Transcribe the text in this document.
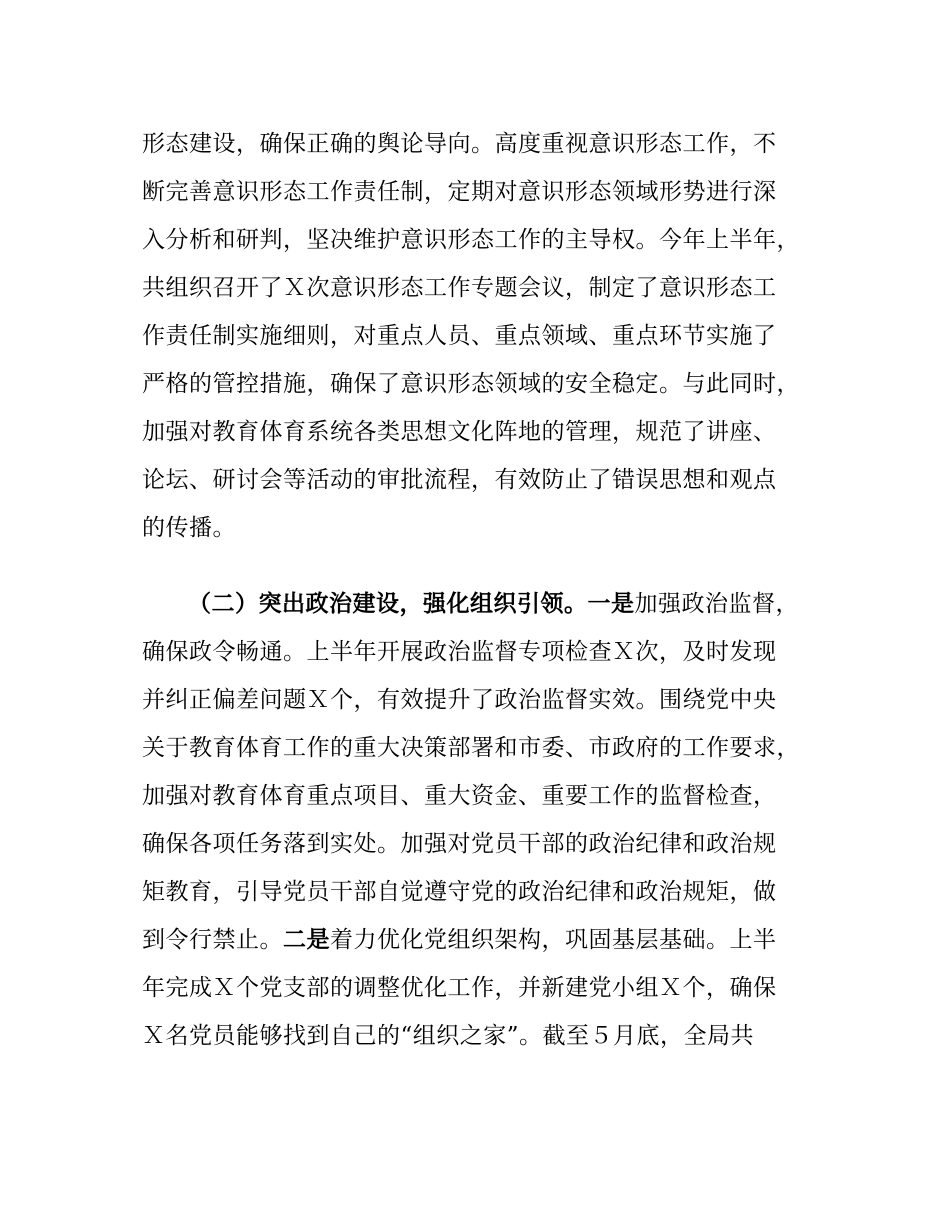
形态建设，确保正确的舆论导向。高度重视意识形态工作，不
断完善意识形态工作责任制，定期对意识形态领域形势进行深
入分析和研判，坚决维护意识形态工作的主导权。今年上半年，
共组织召开了Ｘ次意识形态工作专题会议，制定了意识形态工
作责任制实施细则，对重点人员、重点领域、重点环节实施了
严格的管控措施，确保了意识形态领域的安全稳定。与此同时，
加强对教育体育系统各类思想文化阵地的管理，规范了讲座、
论坛、研讨会等活动的审批流程，有效防止了错误思想和观点
的传播。
（二）突出政治建设，强化组织引领。一是加强政治监督，
确保政令畅通。上半年开展政治监督专项检查Ｘ次，及时发现
并纠正偏差问题Ｘ个，有效提升了政治监督实效。围绕党中央
关于教育体育工作的重大决策部署和市委、市政府的工作要求，
加强对教育体育重点项目、重大资金、重要工作的监督检查，
确保各项任务落到实处。加强对党员干部的政治纪律和政治规
矩教育，引导党员干部自觉遵守党的政治纪律和政治规矩，做
到令行禁止。二是着力优化党组织架构，巩固基层基础。上半
年完成Ｘ个党支部的调整优化工作，并新建党小组Ｘ个，确保
Ｘ名党员能够找到自己的“组织之家”。截至５月底，全局共
